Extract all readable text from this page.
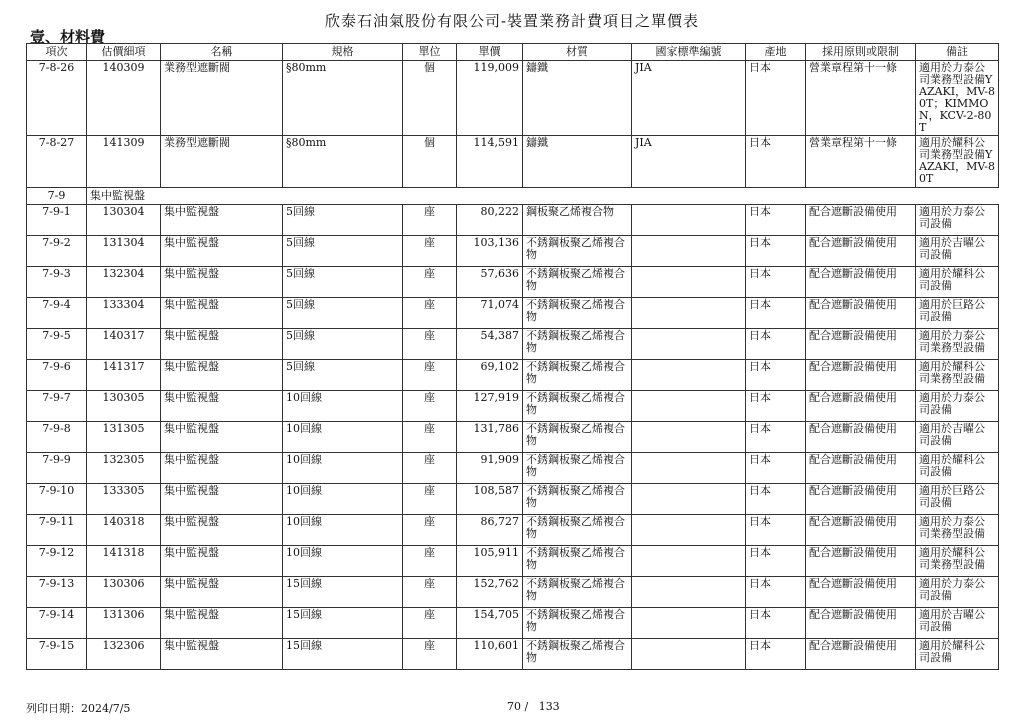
欣泰石油氣股份有限公司-裝置業務計費項目之單價表
壹、材料費
項次	估價細項	名稱	規格	單位	單價	材質	國家標準編號	產地	採用原則或限制	備註
7-8-26	140309	業務型遮斷閥	§80mm	個	119,009	鑄鐵	JIA	日本	營業章程第十一條	適用於力泰公司業務型設備YAZAKI，MV-80T；KIMMON，KCV-2-80T
7-8-27	141309	業務型遮斷閥	§80mm	個	114,591	鑄鐵	JIA	日本	營業章程第十一條	適用於耀科公司業務型設備YAZAKI，MV-80T
7-9	集中監視盤									
7-9-1	130304	集中監視盤	5回線	座	80,222	鋼板聚乙烯複合物		日本	配合遮斷設備使用	適用於力泰公司設備
7-9-2	131304	集中監視盤	5回線	座	103,136	不銹鋼板聚乙烯複合物		日本	配合遮斷設備使用	適用於吉曜公司設備
7-9-3	132304	集中監視盤	5回線	座	57,636	不銹鋼板聚乙烯複合物		日本	配合遮斷設備使用	適用於耀科公司設備
7-9-4	133304	集中監視盤	5回線	座	71,074	不銹鋼板聚乙烯複合物		日本	配合遮斷設備使用	適用於巨路公司設備
7-9-5	140317	集中監視盤	5回線	座	54,387	不銹鋼板聚乙烯複合物		日本	配合遮斷設備使用	適用於力泰公司業務型設備
7-9-6	141317	集中監視盤	5回線	座	69,102	不銹鋼板聚乙烯複合物		日本	配合遮斷設備使用	適用於耀科公司業務型設備
7-9-7	130305	集中監視盤	10回線	座	127,919	不銹鋼板聚乙烯複合物		日本	配合遮斷設備使用	適用於力泰公司設備
7-9-8	131305	集中監視盤	10回線	座	131,786	不銹鋼板聚乙烯複合物		日本	配合遮斷設備使用	適用於吉曜公司設備
7-9-9	132305	集中監視盤	10回線	座	91,909	不銹鋼板聚乙烯複合物		日本	配合遮斷設備使用	適用於耀科公司設備
7-9-10	133305	集中監視盤	10回線	座	108,587	不銹鋼板聚乙烯複合物		日本	配合遮斷設備使用	適用於巨路公司設備
7-9-11	140318	集中監視盤	10回線	座	86,727	不銹鋼板聚乙烯複合物		日本	配合遮斷設備使用	適用於力泰公司業務型設備
7-9-12	141318	集中監視盤	10回線	座	105,911	不銹鋼板聚乙烯複合物		日本	配合遮斷設備使用	適用於耀科公司業務型設備
7-9-13	130306	集中監視盤	15回線	座	152,762	不銹鋼板聚乙烯複合物		日本	配合遮斷設備使用	適用於力泰公司設備
7-9-14	131306	集中監視盤	15回線	座	154,705	不銹鋼板聚乙烯複合物		日本	配合遮斷設備使用	適用於吉曜公司設備
7-9-15	132306	集中監視盤	15回線	座	110,601	不銹鋼板聚乙烯複合物		日本	配合遮斷設備使用	適用於耀科公司設備
列印日期：2024/7/5	70 /   133
